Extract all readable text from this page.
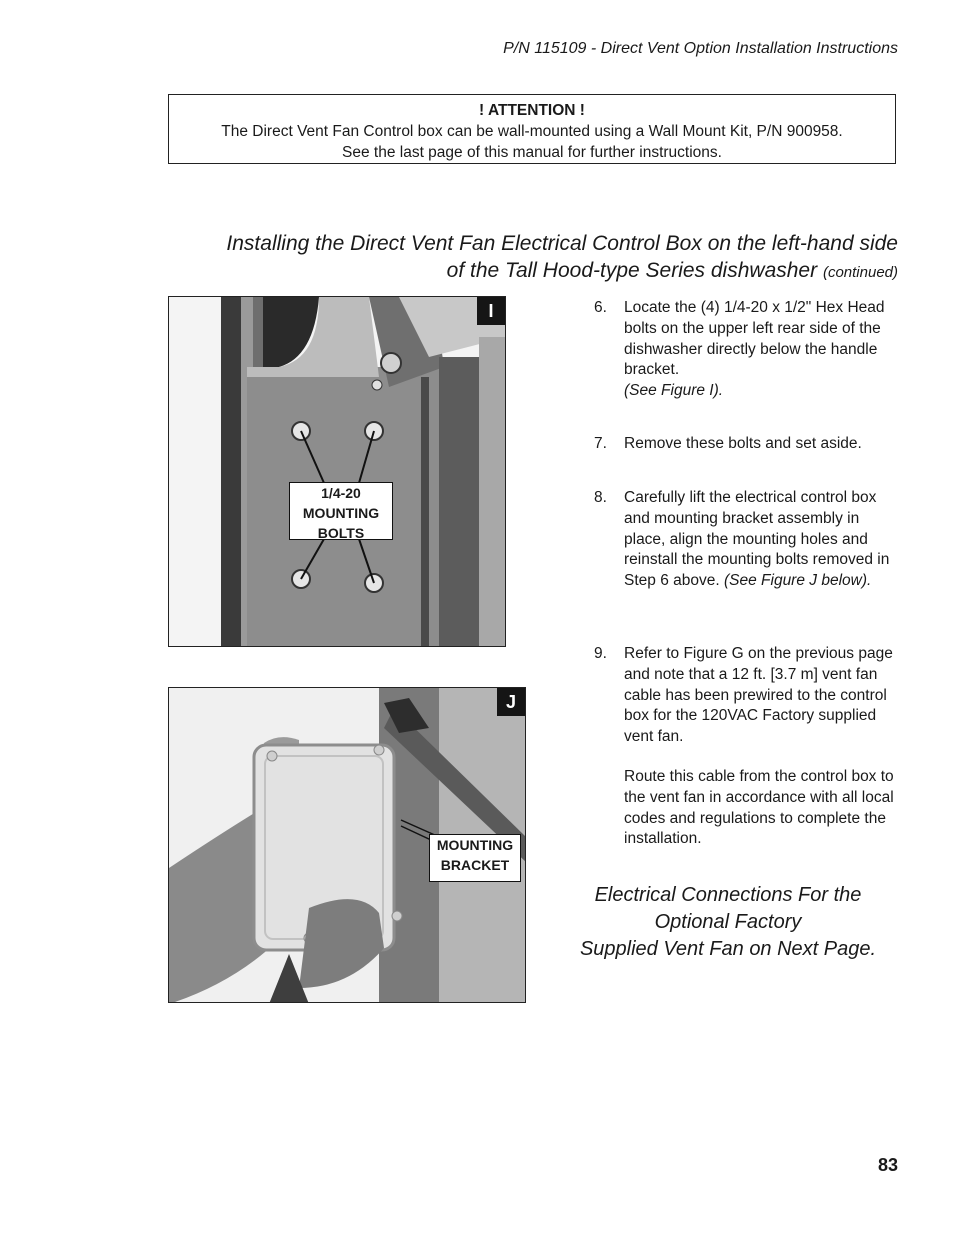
P/N 115109 - Direct Vent Option Installation Instructions
! ATTENTION !
The Direct Vent Fan Control box can be wall-mounted using a Wall Mount Kit, P/N 900958.
See the last page of this manual for further instructions.
Installing the Direct Vent Fan Electrical Control Box on the left-hand side
of the Tall Hood-type Series dishwasher (continued)
I
1/4-20
MOUNTING
BOLTS
J
MOUNTING
BRACKET
6. Locate the (4) 1/4-20 x 1/2" Hex Head bolts on the upper left rear side of the dishwasher directly below the handle bracket.
(See Figure I).
7. Remove these bolts and set aside.
8. Carefully lift the electrical control box and mounting bracket assembly in place, align the mounting holes and reinstall the mounting bolts removed in Step 6 above. (See Figure J below).
9. Refer to Figure G on the previous page and note that a 12 ft. [3.7 m] vent fan cable has been prewired to the control box for the 120VAC Factory supplied vent fan.
Route this cable from the control box to the vent fan in accordance with all local codes and regulations to complete the installation.
Electrical Connections For the
Optional Factory
Supplied Vent Fan on Next Page.
83
